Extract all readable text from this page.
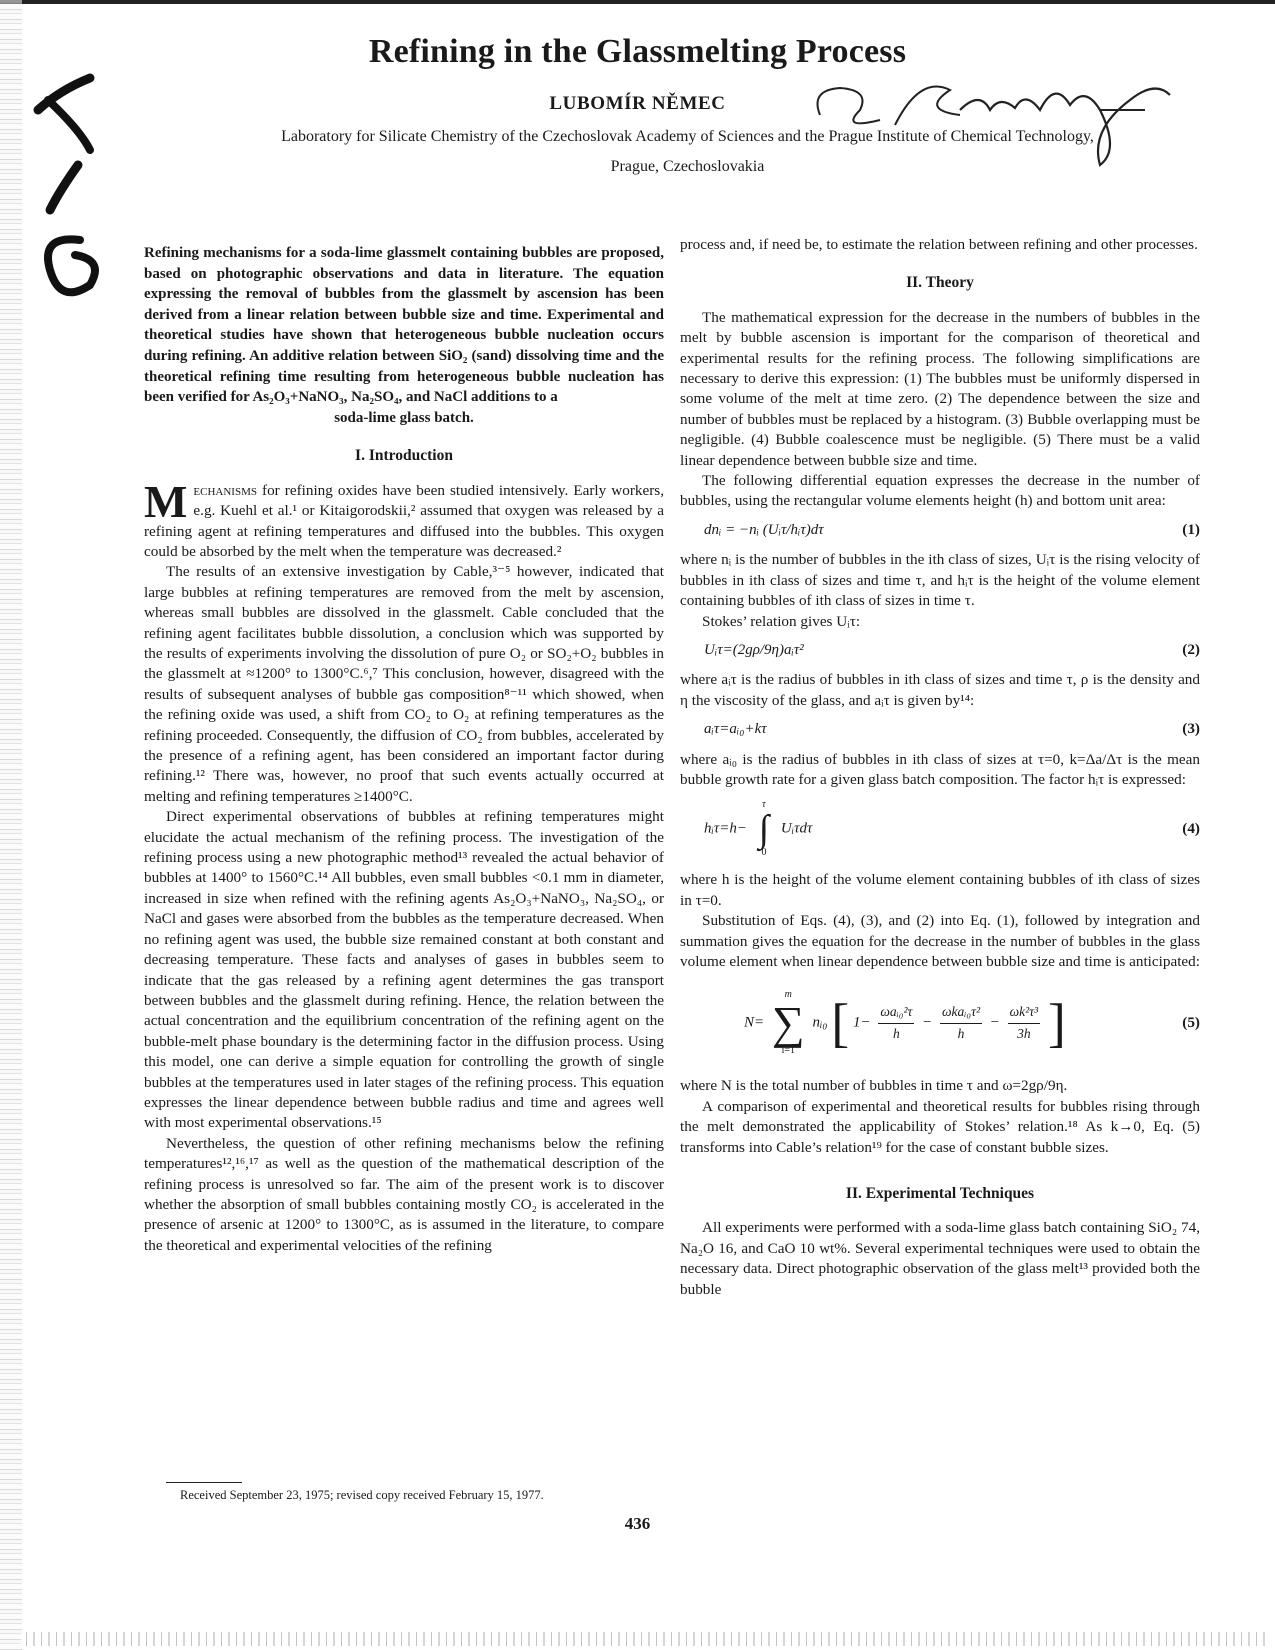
Refining in the Glassmelting Process
LUBOMÍR NĚMEC
Laboratory for Silicate Chemistry of the Czechoslovak Academy of Sciences and the Prague Institute of Chemical Technology,
Prague, Czechoslovakia

Refining mechanisms for a soda-lime glassmelt containing bubbles are proposed, based on photographic observations and data in literature. The equation expressing the removal of bubbles from the glassmelt by ascension has been derived from a linear relation between bubble size and time. Experimental and theoretical studies have shown that heterogeneous bubble nucleation occurs during refining. An additive relation between SiO₂ (sand) dissolving time and the theoretical refining time resulting from heterogeneous bubble nucleation has been verified for As₂O₃+NaNO₃, Na₂SO₄, and NaCl additions to a
soda-lime glass batch.

I. Introduction

Mechanisms for refining oxides have been studied intensively. Early workers, e.g. Kuehl et al.¹ or Kitaigorodskii,² assumed that oxygen was released by a refining agent at refining temperatures and diffused into the bubbles. This oxygen could be absorbed by the melt when the temperature was decreased.²

The results of an extensive investigation by Cable,³⁻⁵ however, indicated that large bubbles at refining temperatures are removed from the melt by ascension, whereas small bubbles are dissolved in the glassmelt. Cable concluded that the refining agent facilitates bubble dissolution, a conclusion which was supported by the results of experiments involving the dissolution of pure O₂ or SO₂+O₂ bubbles in the glassmelt at ≈1200° to 1300°C.⁶,⁷ This conclusion, however, disagreed with the results of subsequent analyses of bubble gas composition⁸⁻¹¹ which showed, when the refining oxide was used, a shift from CO₂ to O₂ at refining temperatures as the refining proceeded. Consequently, the diffusion of CO₂ from bubbles, accelerated by the presence of a refining agent, has been considered an important factor during refining.¹² There was, however, no proof that such events actually occurred at melting and refining temperatures ≥1400°C.

Direct experimental observations of bubbles at refining temperatures might elucidate the actual mechanism of the refining process. The investigation of the refining process using a new photographic method¹³ revealed the actual behavior of bubbles at 1400° to 1560°C.¹⁴ All bubbles, even small bubbles <0.1 mm in diameter, increased in size when refined with the refining agents As₂O₃+NaNO₃, Na₂SO₄, or NaCl and gases were absorbed from the bubbles as the temperature decreased. When no refining agent was used, the bubble size remained constant at both constant and decreasing temperature. These facts and analyses of gases in bubbles seem to indicate that the gas released by a refining agent determines the gas transport between bubbles and the glassmelt during refining. Hence, the relation between the actual concentration and the equilibrium concentration of the refining agent on the bubble-melt phase boundary is the determining factor in the diffusion process. Using this model, one can derive a simple equation for controlling the growth of single bubbles at the temperatures used in later stages of the refining process. This equation expresses the linear dependence between bubble radius and time and agrees well with most experimental observations.¹⁵

Nevertheless, the question of other refining mechanisms below the refining temperatures¹²,¹⁶,¹⁷ as well as the question of the mathematical description of the refining process is unresolved so far. The aim of the present work is to discover whether the absorption of small bubbles containing mostly CO₂ is accelerated in the presence of arsenic at 1200° to 1300°C, as is assumed in the literature, to compare the theoretical and experimental velocities of the refining

process and, if need be, to estimate the relation between refining and other processes.

II. Theory

The mathematical expression for the decrease in the numbers of bubbles in the melt by bubble ascension is important for the comparison of theoretical and experimental results for the refining process. The following simplifications are necessary to derive this expression: (1) The bubbles must be uniformly dispersed in some volume of the melt at time zero. (2) The dependence between the size and number of bubbles must be replaced by a histogram. (3) Bubble overlapping must be negligible. (4) Bubble coalescence must be negligible. (5) There must be a valid linear dependence between bubble size and time.

The following differential equation expresses the decrease in the number of bubbles, using the rectangular volume elements height (h) and bottom unit area:

dnᵢ = −nᵢ (Uᵢτ/hᵢτ)dτ	(1)

where nᵢ is the number of bubbles in the ith class of sizes, Uᵢτ is the rising velocity of bubbles in ith class of sizes and time τ, and hᵢτ is the height of the volume element containing bubbles of ith class of sizes in time τ.

Stokes’ relation gives Uᵢτ:

Uᵢτ=(2gρ/9η)aᵢτ²	(2)

where aᵢτ is the radius of bubbles in ith class of sizes and time τ, ρ is the density and η the viscosity of the glass, and aᵢτ is given by¹⁴:

aᵢτ=aᵢ₀+kτ	(3)

where aᵢ₀ is the radius of bubbles in ith class of sizes at τ=0, k=Δa/Δτ is the mean bubble growth rate for a given glass batch composition. The factor hᵢτ is expressed:

hᵢτ=h−
τ
∫
0
Uᵢτdτ	(4)

where h is the height of the volume element containing bubbles of ith class of sizes in τ=0.

Substitution of Eqs. (4), (3), and (2) into Eq. (1), followed by integration and summation gives the equation for the decrease in the number of bubbles in the glass volume element when linear dependence between bubble size and time is anticipated:

N=
m
∑
i=1
nᵢ₀ [ $1- \frac{\text{ωaᵢ₀²τ}}{h} - \frac{\text{ωkaᵢ₀τ²}}{h} - \frac{\text{ωk²τ³}}{3h}$ ]	(5)

where N is the total number of bubbles in time τ and ω=2gρ/9η.

A comparison of experimental and theoretical results for bubbles rising through the melt demonstrated the applicability of Stokes’ relation.¹⁸ As k→0, Eq. (5) transforms into Cable’s relation¹⁹ for the case of constant bubble sizes.

II. Experimental Techniques

All experiments were performed with a soda-lime glass batch containing SiO₂ 74, Na₂O 16, and CaO 10 wt%. Several experimental techniques were used to obtain the necessary data. Direct photographic observation of the glass melt¹³ provided both the bubble

Received September 23, 1975; revised copy received February 15, 1977.
436
